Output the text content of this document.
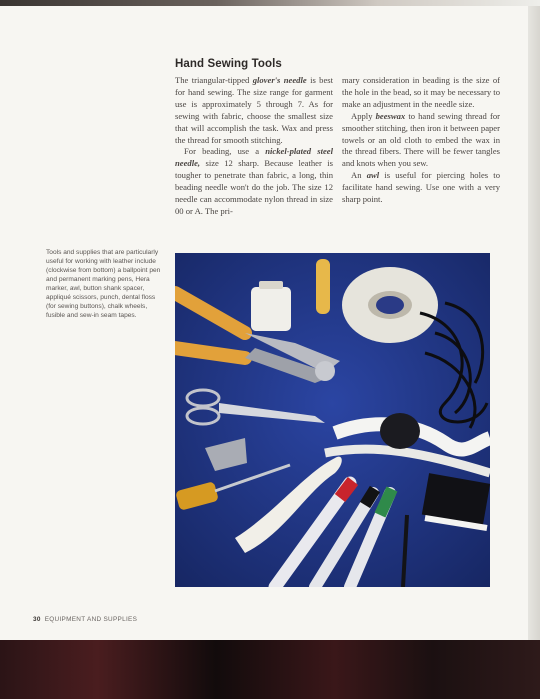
Hand Sewing Tools

The triangular-tipped glover's needle is best for hand sewing. The size range for garment use is approximately 5 through 7. As for sewing with fabric, choose the smallest size that will accomplish the task. Wax and press the thread for smooth stitching.

For beading, use a nickel-plated steel needle, size 12 sharp. Because leather is tougher to penetrate than fabric, a long, thin beading needle won't do the job. The size 12 needle can accommodate nylon thread in size 00 or A. The pri-

mary consideration in beading is the size of the hole in the bead, so it may be necessary to make an adjustment in the needle size.

Apply beeswax to hand sewing thread for smoother stitching, then iron it between paper towels or an old cloth to embed the wax in the thread fibers. There will be fewer tangles and knots when you sew.

An awl is useful for piercing holes to facilitate hand sewing. Use one with a very sharp point.

Tools and supplies that are particularly useful for working with leather include (clockwise from bottom) a ballpoint pen and permanent marking pens, Hera marker, awl, button shank spacer, appliqué scissors, punch, dental floss (for sewing buttons), chalk wheels, fusible and sew-in seam tapes.
30 EQUIPMENT AND SUPPLIES
